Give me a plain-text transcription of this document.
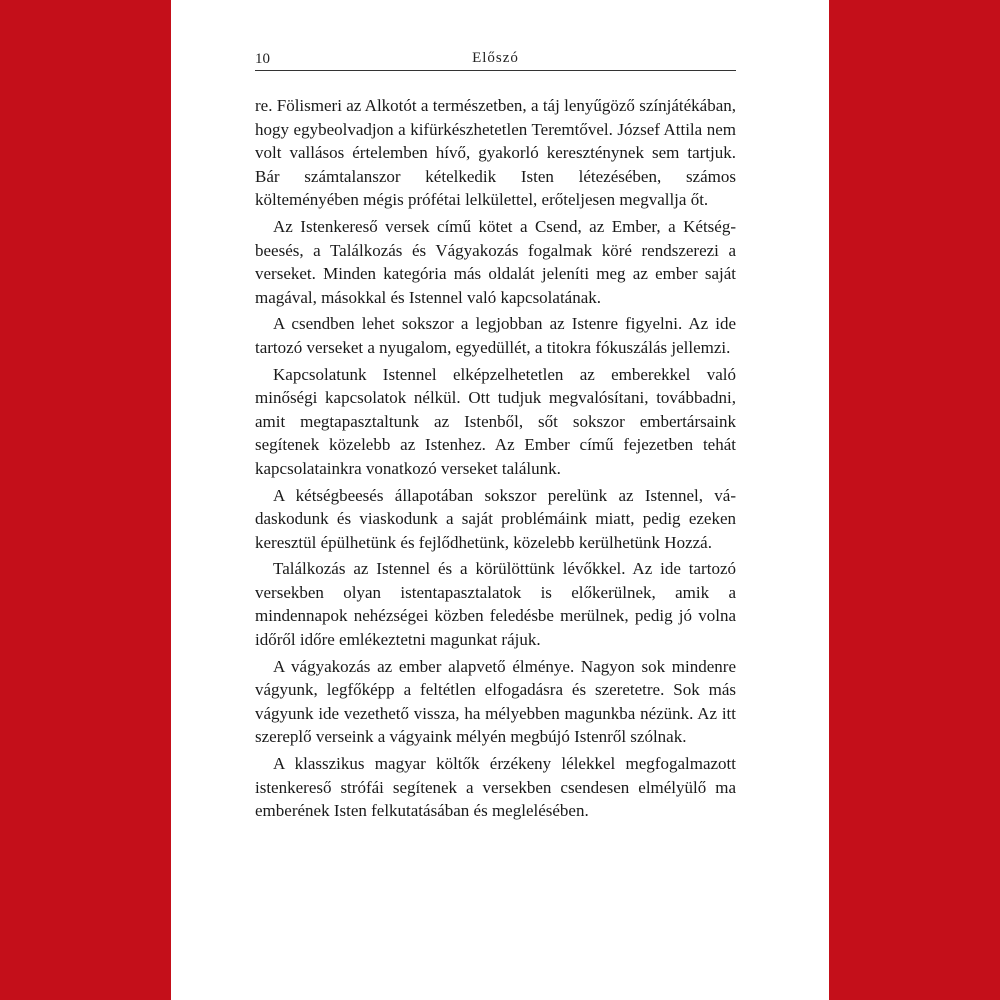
10	Előszó

re. Fölismeri az Alkotót a természetben, a táj lenyűgöző színjátékában, hogy egybeolvadjon a kifürkészhetetlen Teremtővel. József Attila nem volt vallásos értelemben hívő, gyakorló kereszténynek sem tartjuk. Bár számtalanszor kételkedik Isten létezésében, számos költeményében mégis prófétai lelkülettel, erőteljesen megvallja őt.

Az Istenkereső versek című kötet a Csend, az Ember, a Kétségbeesés, a Találkozás és Vágyakozás fogalmak köré rendszerezi a verseket. Minden kategória más oldalát jeleníti meg az ember saját magával, másokkal és Istennel való kapcsolatának.

A csendben lehet sokszor a legjobban az Istenre figyelni. Az ide tartozó verseket a nyugalom, egyedüllét, a titokra fókuszálás jellemzi.

Kapcsolatunk Istennel elképzelhetetlen az emberekkel való minőségi kapcsolatok nélkül. Ott tudjuk megvalósítani, továbbadni, amit megtapasztaltunk az Istenből, sőt sokszor embertársaink segítenek közelebb az Istenhez. Az Ember című fejezetben tehát kapcsolatainkra vonatkozó verseket találunk.

A kétségbeesés állapotában sokszor perelünk az Istennel, vádaskodunk és viaskodunk a saját problémáink miatt, pedig ezeken keresztül épülhetünk és fejlődhetünk, közelebb kerülhetünk Hozzá.

Találkozás az Istennel és a körülöttünk lévőkkel. Az ide tartozó versekben olyan istentapasztalatok is előkerülnek, amik a mindennapok nehézségei közben feledésbe merülnek, pedig jó volna időről időre emlékeztetni magunkat rájuk.

A vágyakozás az ember alapvető élménye. Nagyon sok mindenre vágyunk, legfőképp a feltétlen elfogadásra és szeretetre. Sok más vágyunk ide vezethető vissza, ha mélyebben magunkba nézünk. Az itt szereplő verseink a vágyaink mélyén megbújó Istenről szólnak.

A klasszikus magyar költők érzékeny lélekkel megfogalmazott istenkereső strófái segítenek a versekben csendesen elmélyülő ma emberének Isten felkutatásában és meglelésében.
